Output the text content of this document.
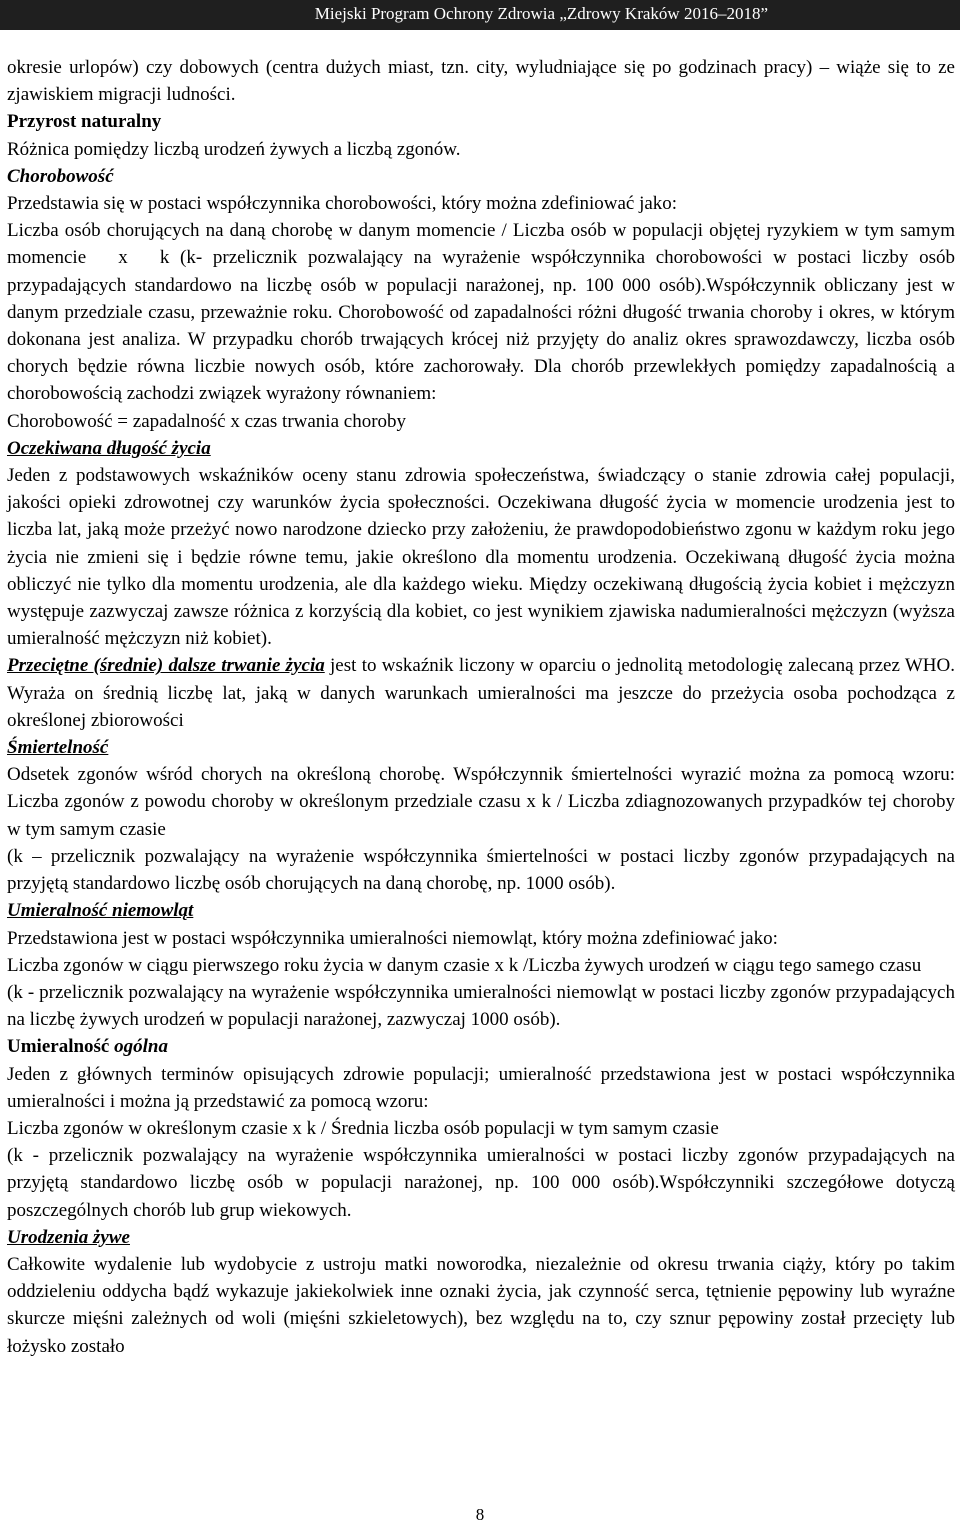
Miejski Program Ochrony Zdrowia „Zdrowy Kraków 2016–2018”

okresie urlopów) czy dobowych (centra dużych miast, tzn. city, wyludniające się po godzinach pracy) – wiąże się to ze zjawiskiem migracji ludności.

Przyrost naturalny

Różnica pomiędzy liczbą urodzeń żywych a liczbą zgonów.

Chorobowość

Przedstawia się w postaci współczynnika chorobowości, który można zdefiniować jako:

Liczba osób chorujących na daną chorobę w danym momencie / Liczba osób w populacji objętej ryzykiem w tym samym momencie   x   k (k- przelicznik pozwalający na wyrażenie współczynnika chorobowości w postaci liczby osób przypadających standardowo na liczbę osób w populacji narażonej, np. 100 000 osób).Współczynnik obliczany jest w danym przedziale czasu, przeważnie roku. Chorobowość od zapadalności różni długość trwania choroby i okres, w którym dokonana jest analiza. W przypadku chorób trwających krócej niż przyjęty do analiz okres sprawozdawczy, liczba osób chorych będzie równa liczbie nowych osób, które zachorowały. Dla chorób przewlekłych pomiędzy zapadalnością a chorobowością zachodzi związek wyrażony równaniem:

Chorobowość = zapadalność x czas trwania choroby

Oczekiwana długość życia

Jeden z podstawowych wskaźników oceny stanu zdrowia społeczeństwa, świadczący o stanie zdrowia całej populacji, jakości opieki zdrowotnej czy warunków życia społeczności. Oczekiwana długość życia w momencie urodzenia jest to liczba lat, jaką może przeżyć nowo narodzone dziecko przy założeniu, że prawdopodobieństwo zgonu w każdym roku jego życia nie zmieni się i będzie równe temu, jakie określono dla momentu urodzenia. Oczekiwaną długość życia można obliczyć nie tylko dla momentu urodzenia, ale dla każdego wieku. Między oczekiwaną długością życia kobiet i mężczyzn występuje zazwyczaj zawsze różnica z korzyścią dla kobiet, co jest wynikiem zjawiska nadumieralności mężczyzn (wyższa umieralność mężczyzn niż kobiet).

Przeciętne (średnie) dalsze trwanie życia jest to wskaźnik liczony w oparciu o jednolitą metodologię zalecaną przez WHO. Wyraża on średnią liczbę lat, jaką w danych warunkach umieralności ma jeszcze do przeżycia osoba pochodząca z określonej zbiorowości

Śmiertelność

Odsetek zgonów wśród chorych na określoną chorobę. Współczynnik śmiertelności wyrazić można za pomocą wzoru: Liczba zgonów z powodu choroby w określonym przedziale czasu x k / Liczba zdiagnozowanych przypadków tej choroby w tym samym czasie

(k – przelicznik pozwalający na wyrażenie współczynnika śmiertelności w postaci liczby zgonów przypadających na przyjętą standardowo liczbę osób chorujących na daną chorobę, np. 1000 osób).

Umieralność niemowląt

Przedstawiona jest w postaci współczynnika umieralności niemowląt, który można zdefiniować jako:

Liczba zgonów w ciągu pierwszego roku życia w danym czasie x k /Liczba żywych urodzeń w ciągu tego samego czasu

(k - przelicznik pozwalający na wyrażenie współczynnika umieralności niemowląt w postaci liczby zgonów przypadających na liczbę żywych urodzeń w populacji narażonej, zazwyczaj 1000 osób).

Umieralność ogólna

Jeden z głównych terminów opisujących zdrowie populacji; umieralność przedstawiona jest w postaci współczynnika umieralności i można ją przedstawić za pomocą wzoru:

Liczba zgonów w określonym czasie x k / Średnia liczba osób populacji w tym samym czasie

(k - przelicznik pozwalający na wyrażenie współczynnika umieralności w postaci liczby zgonów przypadających na przyjętą standardowo liczbę osób w populacji narażonej, np. 100 000 osób).Współczynniki szczegółowe dotyczą poszczególnych chorób lub grup wiekowych.

Urodzenia żywe

Całkowite wydalenie lub wydobycie z ustroju matki noworodka, niezależnie od okresu trwania ciąży, który po takim oddzieleniu oddycha bądź wykazuje jakiekolwiek inne oznaki życia, jak czynność serca, tętnienie pępowiny lub wyraźne skurcze mięśni zależnych od woli (mięśni szkieletowych), bez względu na to, czy sznur pępowiny został przecięty lub łożysko zostało

8
